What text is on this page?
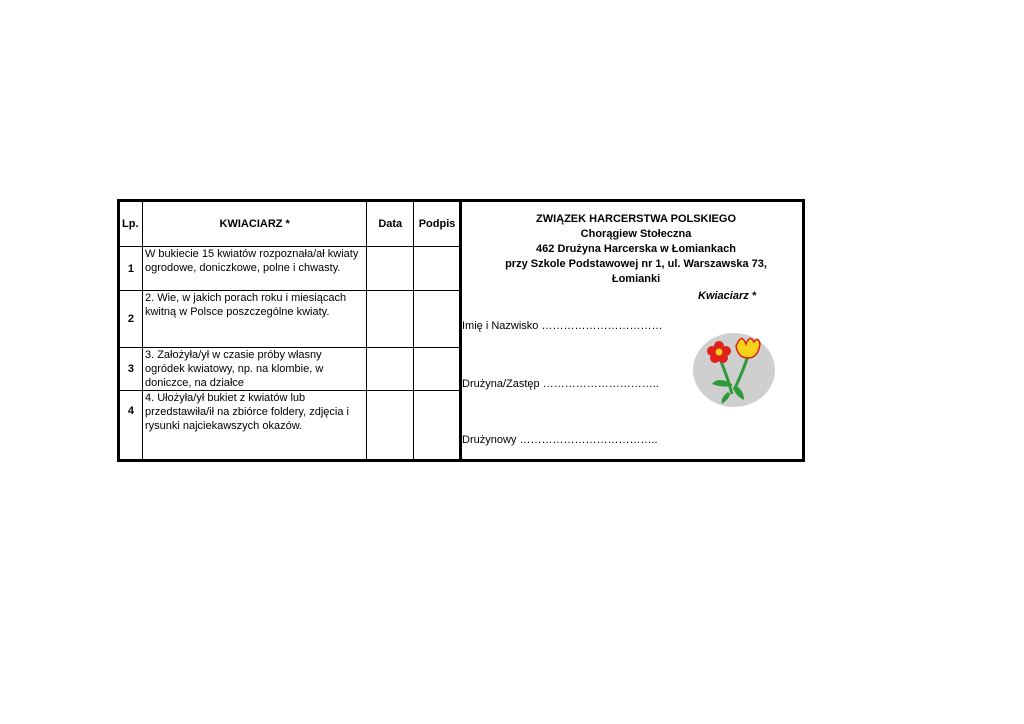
Lp.	KWIACIARZ *	Data	Podpis
1	W bukiecie 15 kwiatów rozpoznała/ał kwiaty ogrodowe, doniczkowe, polne i chwasty.		
2	2. Wie, w jakich porach roku i miesiącach kwitną w Polsce poszczególne kwiaty.		
3	3. Założyła/ył w czasie próby własny ogródek kwiatowy, np. na klombie, w doniczce, na działce		
4	4. Ułożyła/ył bukiet z kwiatów lub przedstawiła/ił na zbiórce foldery, zdjęcia i rysunki najciekawszych okazów.		
ZWIĄZEK HARCERSTWA POLSKIEGO
Chorągiew Stołeczna
462 Drużyna Harcerska w Łomiankach
przy Szkole Podstawowej nr 1, ul. Warszawska 73,
Łomianki
Kwiaciarz *
Imię i Nazwisko ……………………………
Drużyna/Zastęp …………………………..
Drużynowy ………………………………..
